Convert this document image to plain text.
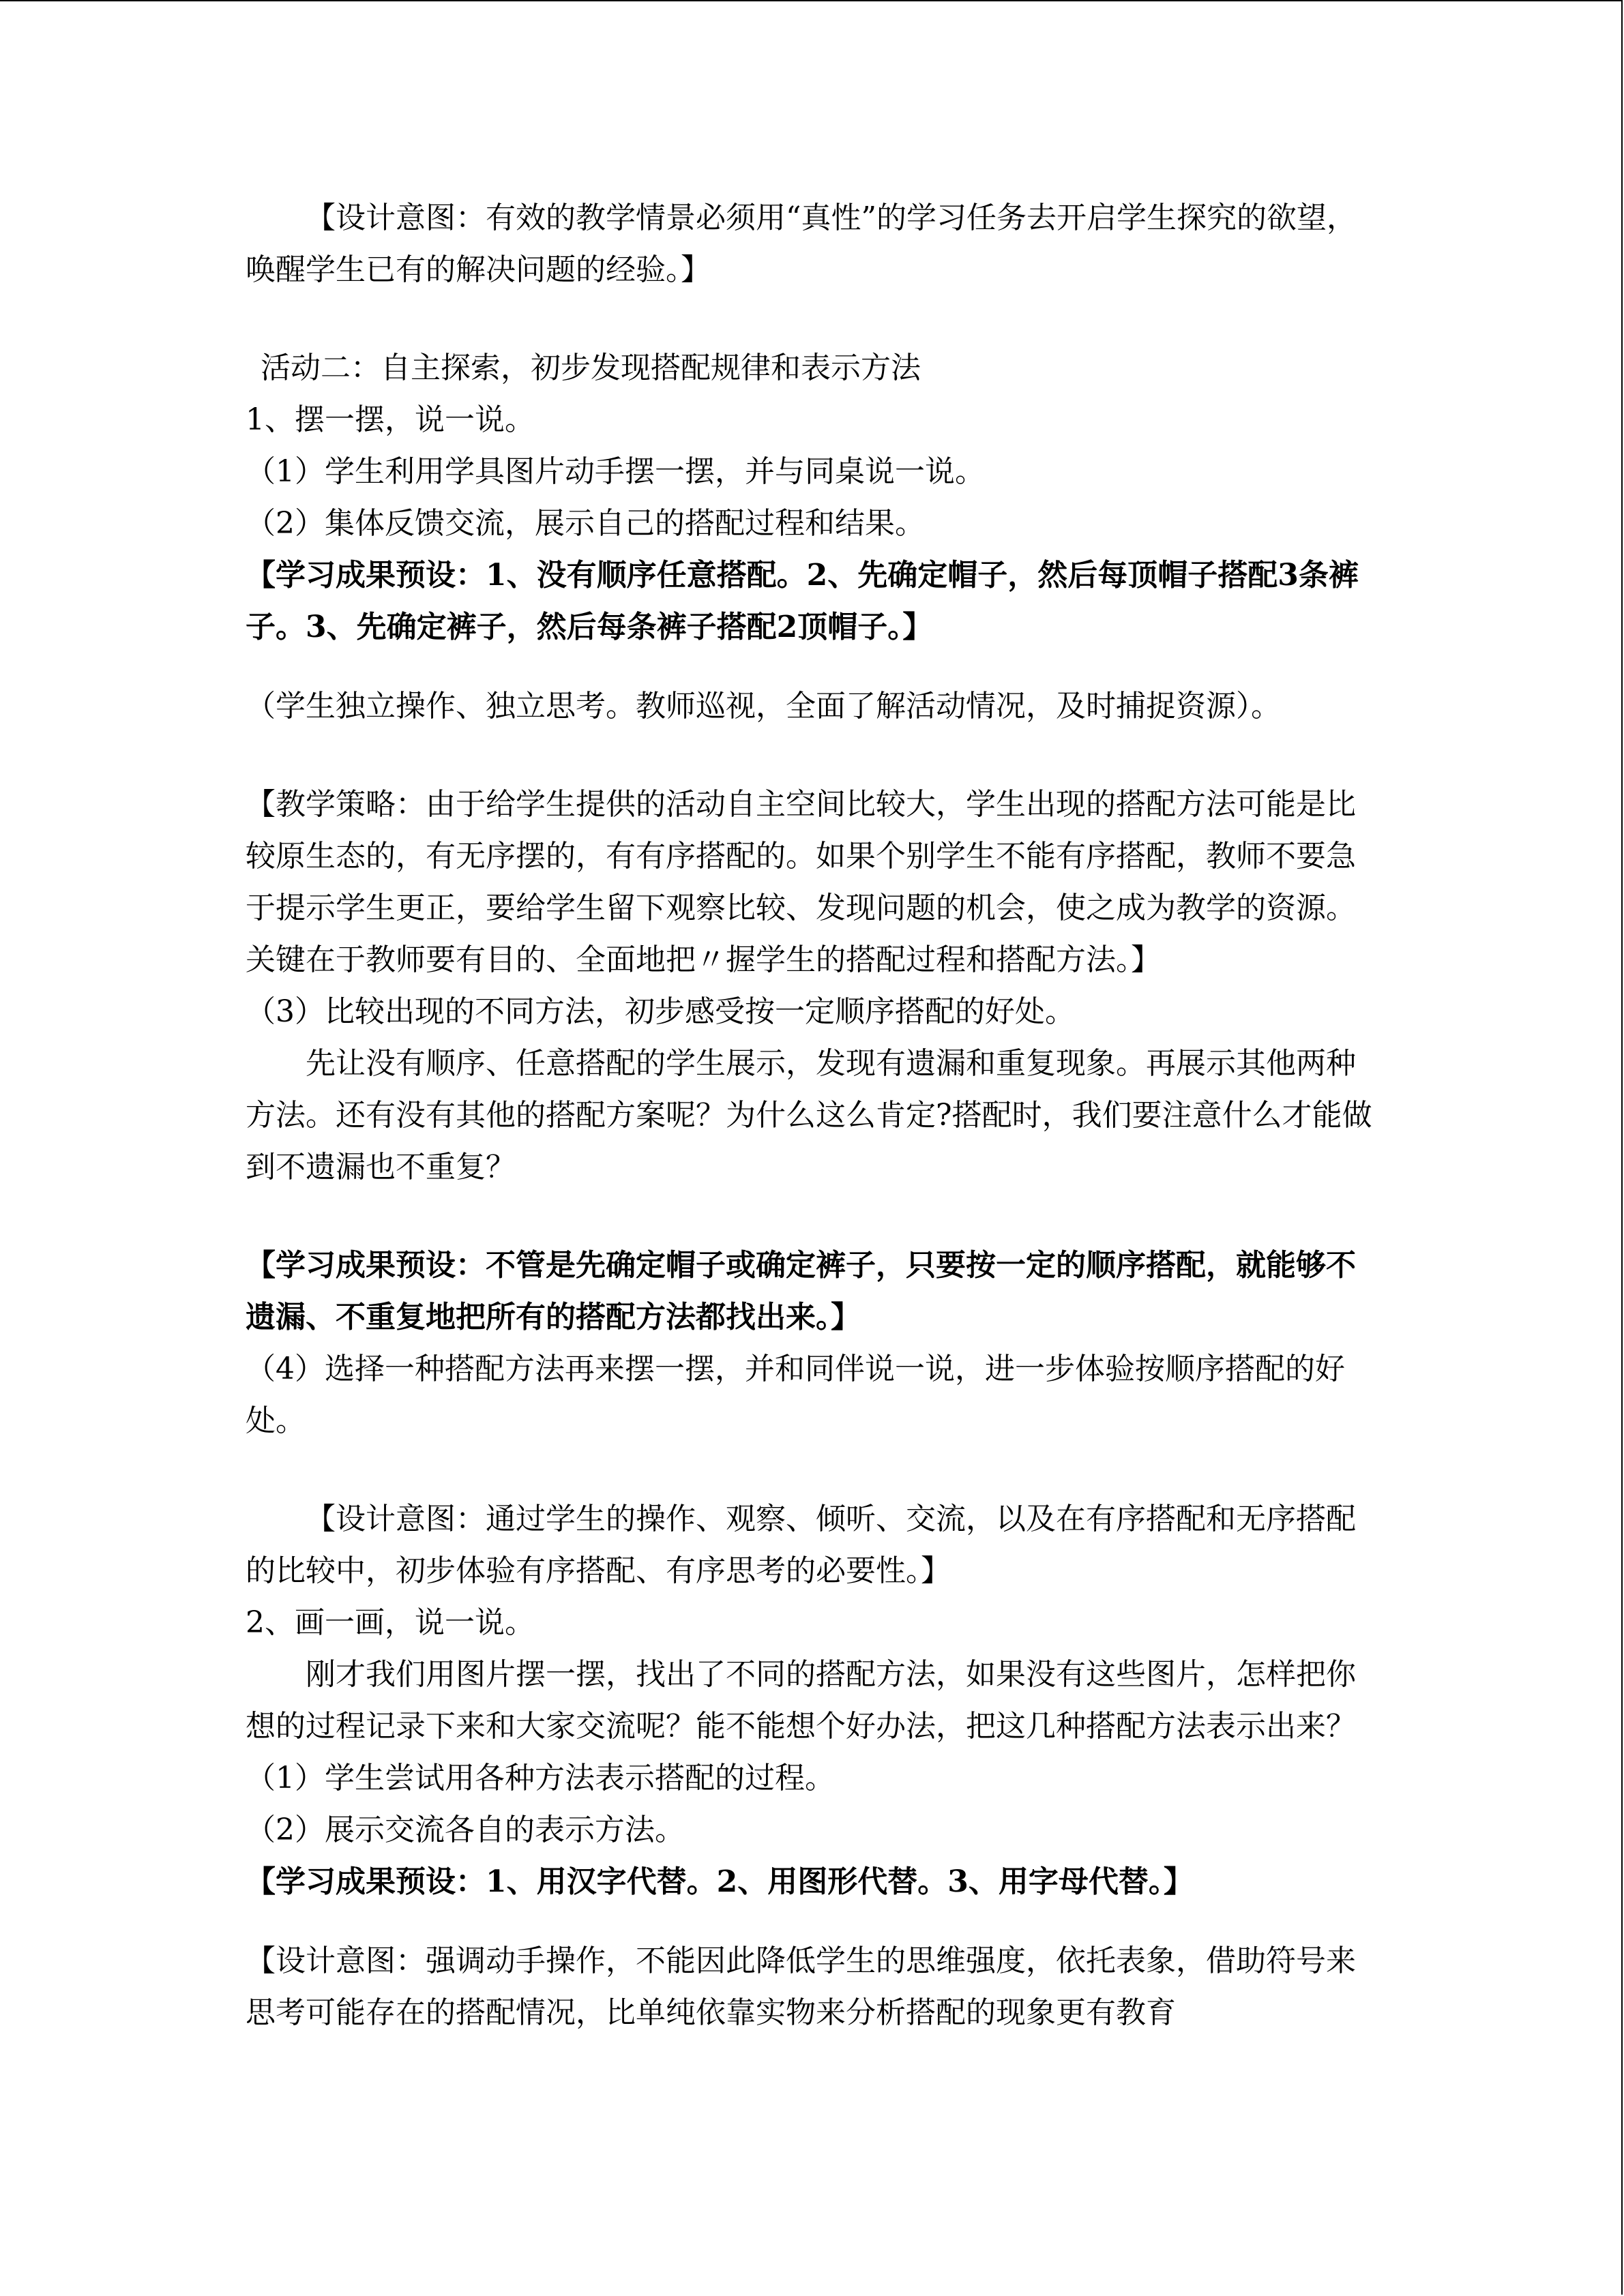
【设计意图：有效的教学情景必须用“真性”的学习任务去开启学生探究的欲望，唤醒学生已有的解决问题的经验。】

活动二：自主探索，初步发现搭配规律和表示方法

1、摆一摆，说一说。

（1）学生利用学具图片动手摆一摆，并与同桌说一说。

（2）集体反馈交流，展示自己的搭配过程和结果。

【学习成果预设：1、没有顺序任意搭配。2、先确定帽子，然后每顶帽子搭配3条裤子。3、先确定裤子，然后每条裤子搭配2顶帽子。】

（学生独立操作、独立思考。教师巡视，全面了解活动情况，及时捕捉资源）。

【教学策略：由于给学生提供的活动自主空间比较大，学生出现的搭配方法可能是比较原生态的，有无序摆的，有有序搭配的。如果个别学生不能有序搭配，教师不要急于提示学生更正，要给学生留下观察比较、发现问题的机会，使之成为教学的资源。关键在于教师要有目的、全面地把〃握学生的搭配过程和搭配方法。】

（3）比较出现的不同方法，初步感受按一定顺序搭配的好处。

先让没有顺序、任意搭配的学生展示，发现有遗漏和重复现象。再展示其他两种方法。还有没有其他的搭配方案呢？为什么这么肯定?搭配时，我们要注意什么才能做到不遗漏也不重复？

【学习成果预设：不管是先确定帽子或确定裤子，只要按一定的顺序搭配，就能够不遗漏、不重复地把所有的搭配方法都找出来。】

（4）选择一种搭配方法再来摆一摆，并和同伴说一说，进一步体验按顺序搭配的好处。

【设计意图：通过学生的操作、观察、倾听、交流，以及在有序搭配和无序搭配的比较中，初步体验有序搭配、有序思考的必要性。】

2、画一画，说一说。

刚才我们用图片摆一摆，找出了不同的搭配方法，如果没有这些图片，怎样把你想的过程记录下来和大家交流呢？能不能想个好办法，把这几种搭配方法表示出来？

（1）学生尝试用各种方法表示搭配的过程。

（2）展示交流各自的表示方法。

【学习成果预设：1、用汉字代替。2、用图形代替。3、用字母代替。】

【设计意图：强调动手操作，不能因此降低学生的思维强度，依托表象，借助符号来思考可能存在的搭配情况，比单纯依靠实物来分析搭配的现象更有教育
